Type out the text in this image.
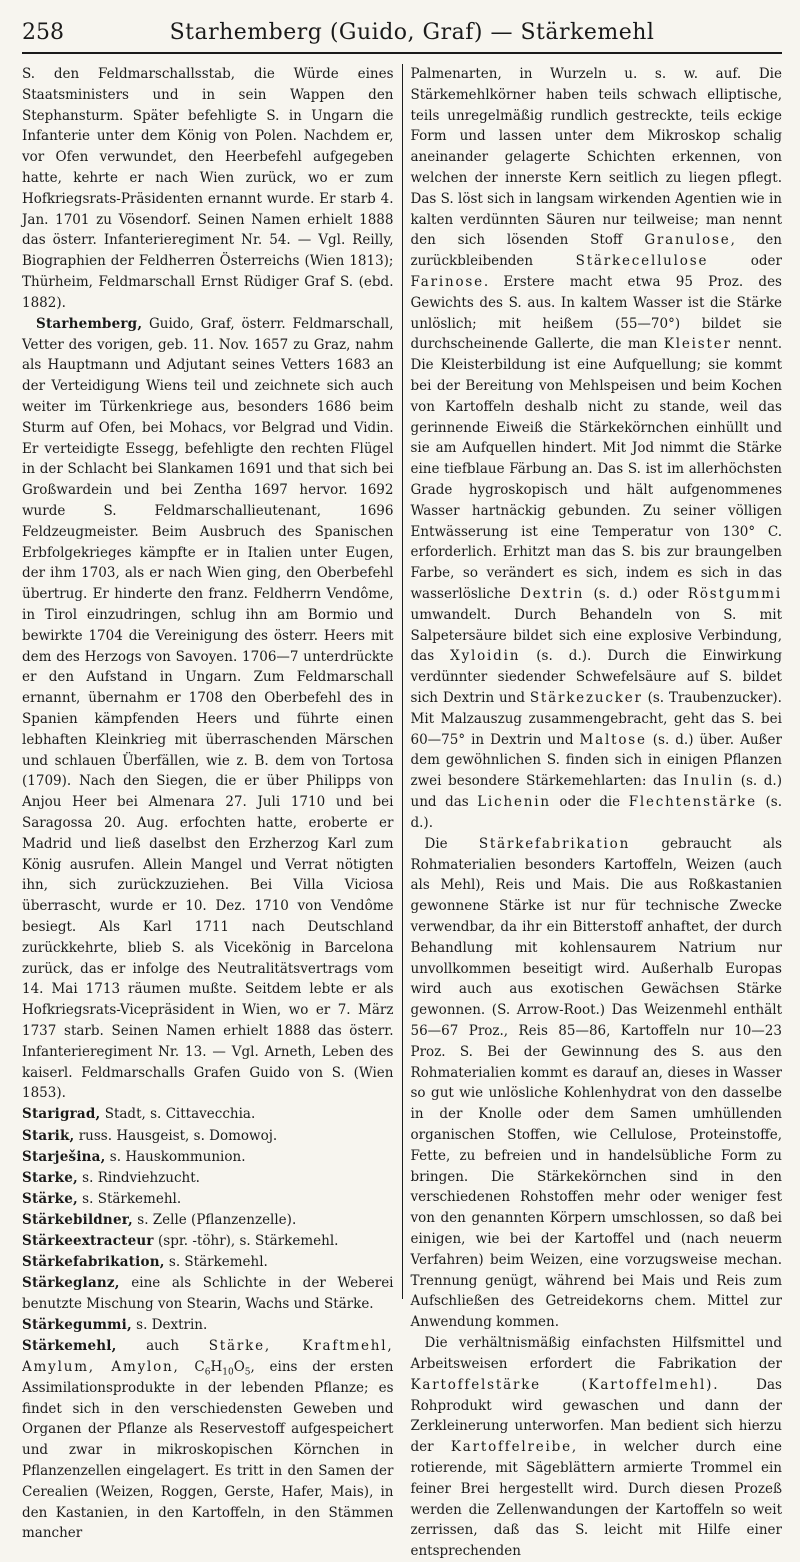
258	Starhemberg (Guido, Graf) — Stärkemehl

S. den Feldmarschallsstab, die Würde eines Staatsministers und in sein Wappen den Stephansturm. Später befehligte S. in Ungarn die Infanterie unter dem König von Polen. Nachdem er, vor Ofen verwundet, den Heerbefehl aufgegeben hatte, kehrte er nach Wien zurück, wo er zum Hofkriegsrats-Präsidenten ernannt wurde. Er starb 4. Jan. 1701 zu Vösendorf. Seinen Namen erhielt 1888 das österr. Infanterieregiment Nr. 54. — Vgl. Reilly, Biographien der Feldherren Österreichs (Wien 1813); Thürheim, Feldmarschall Ernst Rüdiger Graf S. (ebd. 1882).

Starhemberg, Guido, Graf, österr. Feldmarschall, Vetter des vorigen, geb. 11. Nov. 1657 zu Graz, nahm als Hauptmann und Adjutant seines Vetters 1683 an der Verteidigung Wiens teil und zeichnete sich auch weiter im Türkenkriege aus, besonders 1686 beim Sturm auf Ofen, bei Mohacs, vor Belgrad und Vidin. Er verteidigte Essegg, befehligte den rechten Flügel in der Schlacht bei Slankamen 1691 und that sich bei Großwardein und bei Zentha 1697 hervor. 1692 wurde S. Feldmarschallieutenant, 1696 Feldzeugmeister. Beim Ausbruch des Spanischen Erbfolgekrieges kämpfte er in Italien unter Eugen, der ihm 1703, als er nach Wien ging, den Oberbefehl übertrug. Er hinderte den franz. Feldherrn Vendôme, in Tirol einzudringen, schlug ihn am Bormio und bewirkte 1704 die Vereinigung des österr. Heers mit dem des Herzogs von Savoyen. 1706—7 unterdrückte er den Aufstand in Ungarn. Zum Feldmarschall ernannt, übernahm er 1708 den Oberbefehl des in Spanien kämpfenden Heers und führte einen lebhaften Kleinkrieg mit überraschenden Märschen und schlauen Überfällen, wie z. B. dem von Tortosa (1709). Nach den Siegen, die er über Philipps von Anjou Heer bei Almenara 27. Juli 1710 und bei Saragossa 20. Aug. erfochten hatte, eroberte er Madrid und ließ daselbst den Erzherzog Karl zum König ausrufen. Allein Mangel und Verrat nötigten ihn, sich zurückzuziehen. Bei Villa Viciosa überrascht, wurde er 10. Dez. 1710 von Vendôme besiegt. Als Karl 1711 nach Deutschland zurückkehrte, blieb S. als Vicekönig in Barcelona zurück, das er infolge des Neutralitätsvertrags vom 14. Mai 1713 räumen mußte. Seitdem lebte er als Hofkriegsrats-Vicepräsident in Wien, wo er 7. März 1737 starb. Seinen Namen erhielt 1888 das österr. Infanterieregiment Nr. 13. — Vgl. Arneth, Leben des kaiserl. Feldmarschalls Grafen Guido von S. (Wien 1853).

Starigrad, Stadt, s. Cittavecchia.

Starik, russ. Hausgeist, s. Domowoj.

Starješina, s. Hauskommunion.

Starke, s. Rindviehzucht.

Stärke, s. Stärkemehl.

Stärkebildner, s. Zelle (Pflanzenzelle).

Stärkeextracteur (spr. -töhr), s. Stärkemehl.

Stärkefabrikation, s. Stärkemehl.

Stärkeglanz, eine als Schlichte in der Weberei benutzte Mischung von Stearin, Wachs und Stärke.

Stärkegummi, s. Dextrin.

Stärkemehl, auch Stärke, Kraftmehl, Amylum, Amylon, $C_6H_{10}O_5$, eins der ersten Assimilationsprodukte in der lebenden Pflanze; es findet sich in den verschiedensten Geweben und Organen der Pflanze als Reservestoff aufgespeichert und zwar in mikroskopischen Körnchen in Pflanzenzellen eingelagert. Es tritt in den Samen der Cerealien (Weizen, Roggen, Gerste, Hafer, Mais), in den Kastanien, in den Kartoffeln, in den Stämmen mancher

Palmenarten, in Wurzeln u. s. w. auf. Die Stärkemehlkörner haben teils schwach elliptische, teils unregelmäßig rundlich gestreckte, teils eckige Form und lassen unter dem Mikroskop schalig aneinander gelagerte Schichten erkennen, von welchen der innerste Kern seitlich zu liegen pflegt. Das S. löst sich in langsam wirkenden Agentien wie in kalten verdünnten Säuren nur teilweise; man nennt den sich lösenden Stoff Granulose, den zurückbleibenden Stärkecellulose oder Farinose. Erstere macht etwa 95 Proz. des Gewichts des S. aus. In kaltem Wasser ist die Stärke unlöslich; mit heißem (55—70°) bildet sie durchscheinende Gallerte, die man Kleister nennt. Die Kleisterbildung ist eine Aufquellung; sie kommt bei der Bereitung von Mehlspeisen und beim Kochen von Kartoffeln deshalb nicht zu stande, weil das gerinnende Eiweiß die Stärkekörnchen einhüllt und sie am Aufquellen hindert. Mit Jod nimmt die Stärke eine tiefblaue Färbung an. Das S. ist im allerhöchsten Grade hygroskopisch und hält aufgenommenes Wasser hartnäckig gebunden. Zu seiner völligen Entwässerung ist eine Temperatur von 130° C. erforderlich. Erhitzt man das S. bis zur braungelben Farbe, so verändert es sich, indem es sich in das wasserlösliche Dextrin (s. d.) oder Röstgummi umwandelt. Durch Behandeln von S. mit Salpetersäure bildet sich eine explosive Verbindung, das Xyloidin (s. d.). Durch die Einwirkung verdünnter siedender Schwefelsäure auf S. bildet sich Dextrin und Stärkezucker (s. Traubenzucker). Mit Malzauszug zusammengebracht, geht das S. bei 60—75° in Dextrin und Maltose (s. d.) über. Außer dem gewöhnlichen S. finden sich in einigen Pflanzen zwei besondere Stärkemehlarten: das Inulin (s. d.) und das Lichenin oder die Flechtenstärke (s. d.).

Die Stärkefabrikation gebraucht als Rohmaterialien besonders Kartoffeln, Weizen (auch als Mehl), Reis und Mais. Die aus Roßkastanien gewonnene Stärke ist nur für technische Zwecke verwendbar, da ihr ein Bitterstoff anhaftet, der durch Behandlung mit kohlensaurem Natrium nur unvollkommen beseitigt wird. Außerhalb Europas wird auch aus exotischen Gewächsen Stärke gewonnen. (S. Arrow-Root.) Das Weizenmehl enthält 56—67 Proz., Reis 85—86, Kartoffeln nur 10—23 Proz. S. Bei der Gewinnung des S. aus den Rohmaterialien kommt es darauf an, dieses in Wasser so gut wie unlösliche Kohlenhydrat von den dasselbe in der Knolle oder dem Samen umhüllenden organischen Stoffen, wie Cellulose, Proteinstoffe, Fette, zu befreien und in handelsübliche Form zu bringen. Die Stärkekörnchen sind in den verschiedenen Rohstoffen mehr oder weniger fest von den genannten Körpern umschlossen, so daß bei einigen, wie bei der Kartoffel und (nach neuerm Verfahren) beim Weizen, eine vorzugsweise mechan. Trennung genügt, während bei Mais und Reis zum Aufschließen des Getreidekorns chem. Mittel zur Anwendung kommen.

Die verhältnismäßig einfachsten Hilfsmittel und Arbeitsweisen erfordert die Fabrikation der Kartoffelstärke (Kartoffelmehl). Das Rohprodukt wird gewaschen und dann der Zerkleinerung unterworfen. Man bedient sich hierzu der Kartoffelreibe, in welcher durch eine rotierende, mit Sägeblättern armierte Trommel ein feiner Brei hergestellt wird. Durch diesen Prozeß werden die Zellenwandungen der Kartoffeln so weit zerrissen, daß das S. leicht mit Hilfe einer entsprechenden
